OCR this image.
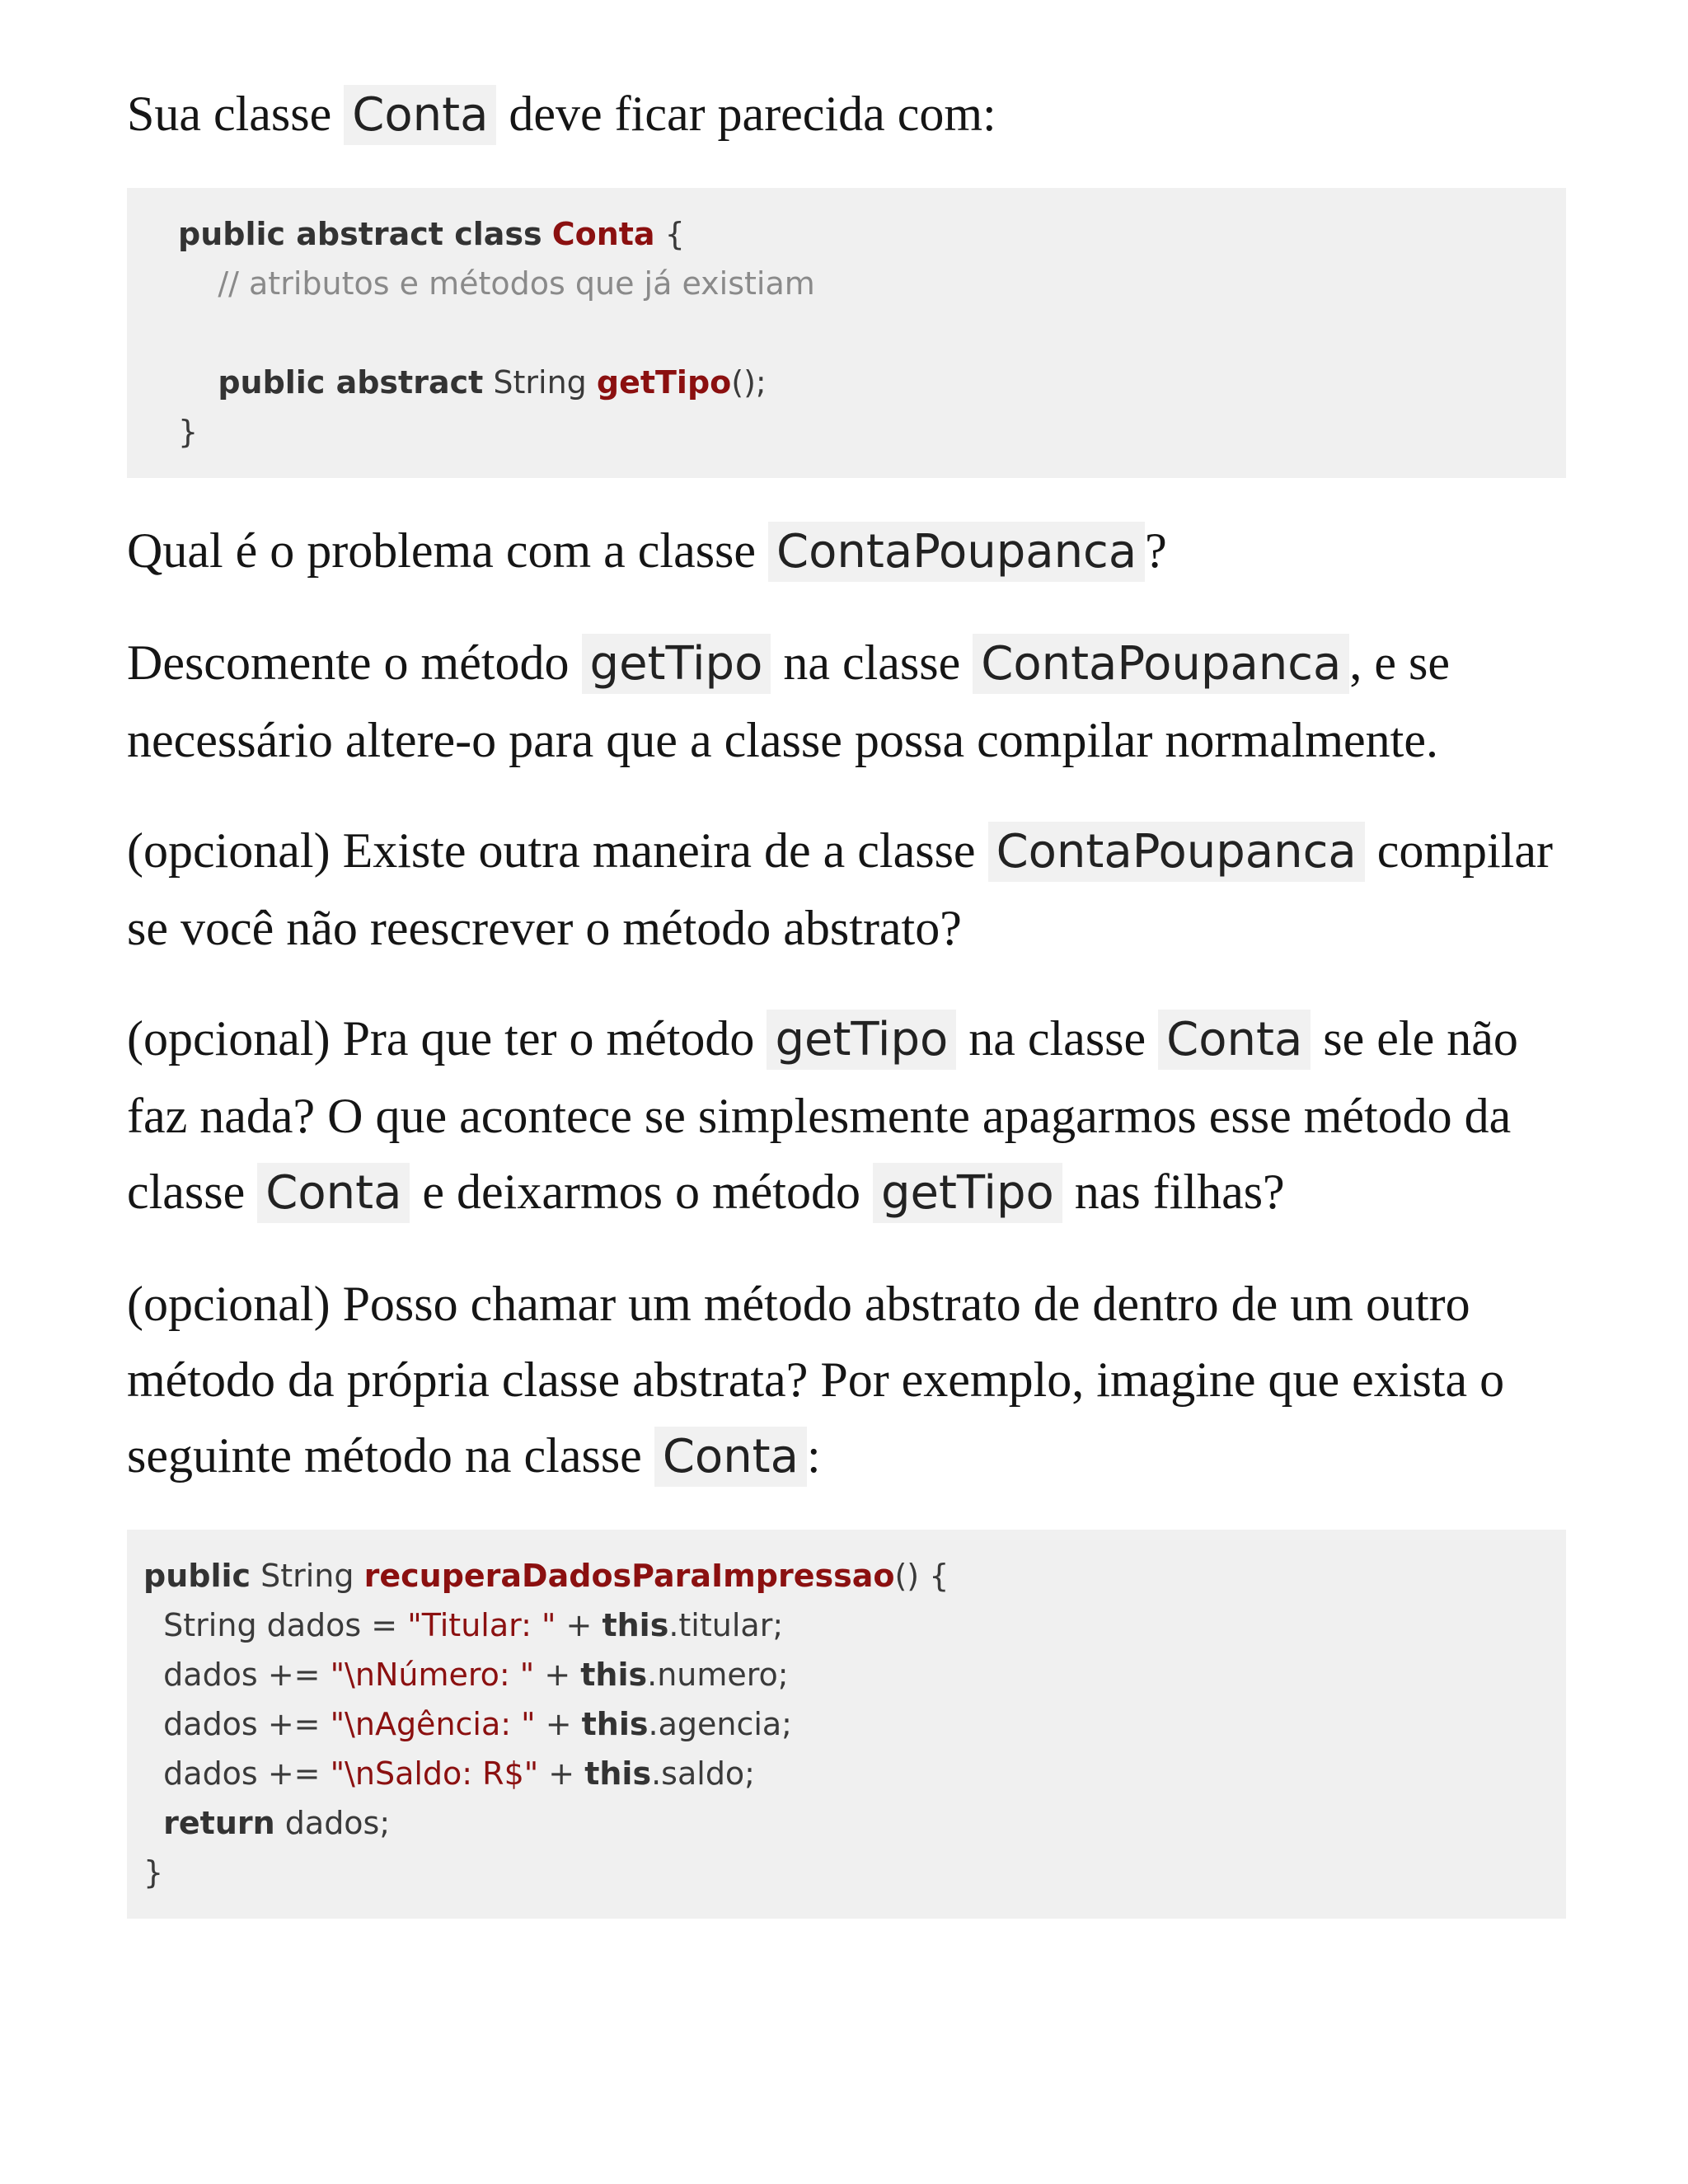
Sua classe Conta deve ficar parecida com:

public abstract class Conta {
// atributos e métodos que já existiam
public abstract String getTipo();
}

Qual é o problema com a classe ContaPoupanca ?

Descomente o método getTipo na classe ContaPoupanca , e se necessário altere-o para que a classe possa compilar normalmente.

(opcional) Existe outra maneira de a classe ContaPoupanca compilar se você não reescrever o método abstrato?

(opcional) Pra que ter o método getTipo na classe Conta se ele não faz nada? O que acontece se simplesmente apagarmos esse método da classe Conta e deixarmos o método getTipo nas filhas?

(opcional) Posso chamar um método abstrato de dentro de um outro método da própria classe abstrata? Por exemplo, imagine que exista o seguinte método na classe Conta :

public String recuperaDadosParaImpressao() {
String dados = "Titular: " + this.titular;
dados += "\nNúmero: " + this.numero;
dados += "\nAgência: " + this.agencia;
dados += "\nSaldo: R$" + this.saldo;
return dados;
}
